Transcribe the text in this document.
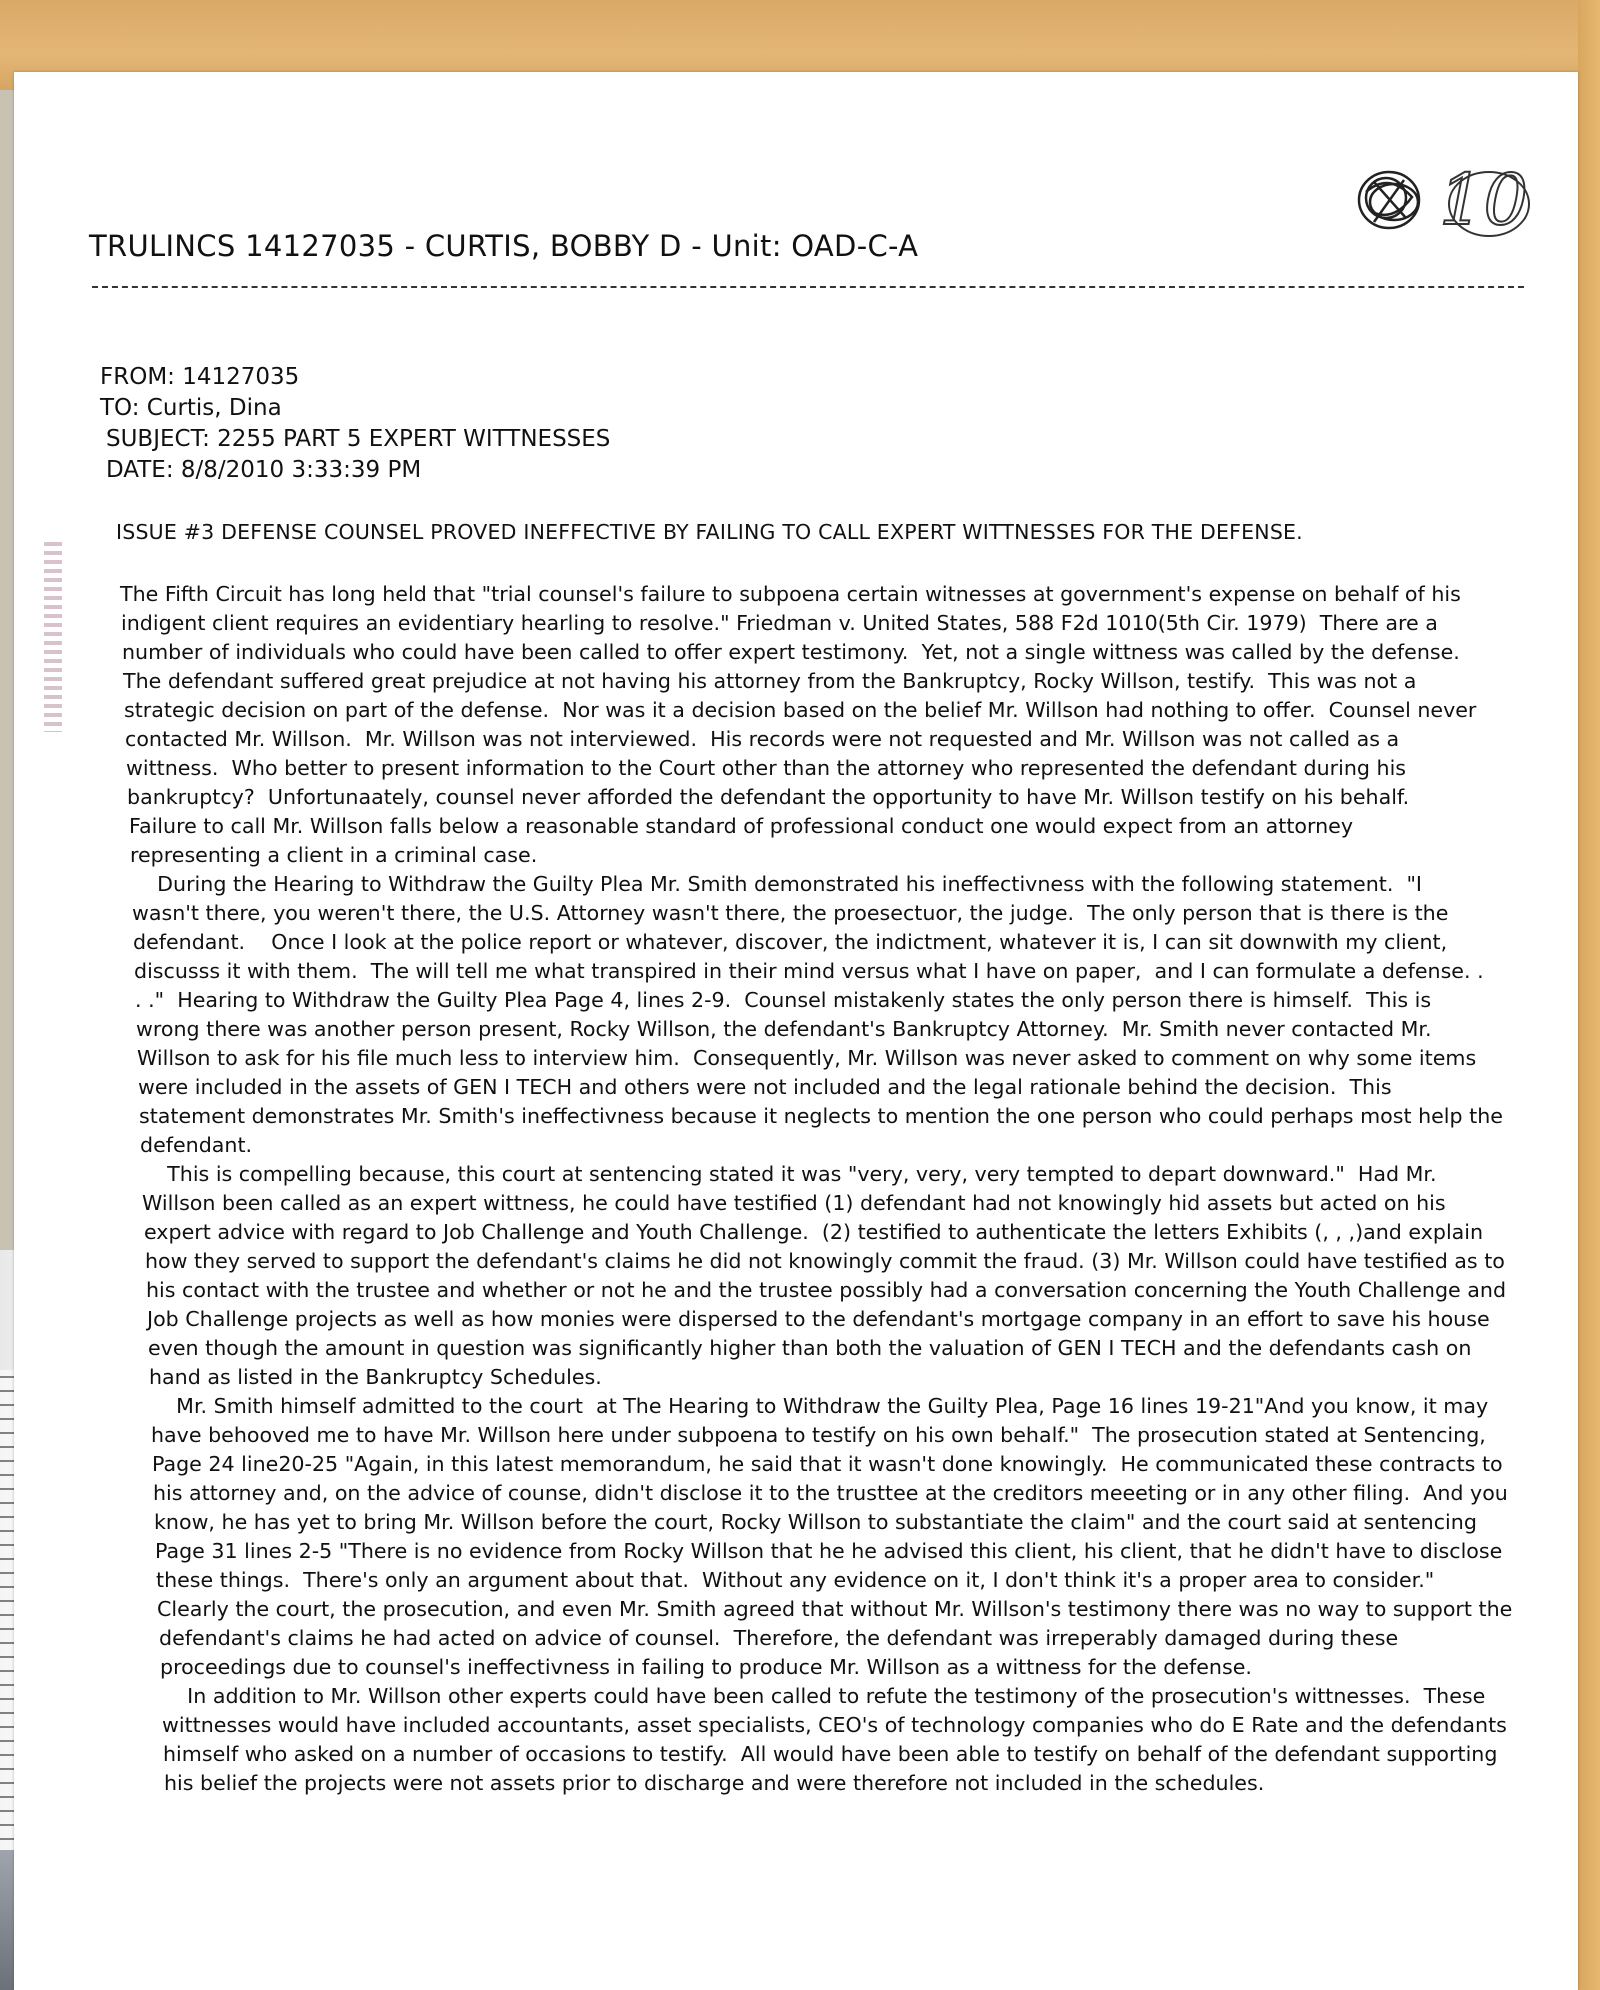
10
TRULINCS 14127035 - CURTIS, BOBBY D - Unit: OAD-C-A
FROM: 14127035
TO: Curtis, Dina
SUBJECT: 2255 PART 5 EXPERT WITTNESSES
DATE: 8/8/2010 3:33:39 PM
ISSUE #3 DEFENSE COUNSEL PROVED INEFFECTIVE BY FAILING TO CALL EXPERT WITTNESSES FOR THE DEFENSE.

The Fifth Circuit has long held that "trial counsel's failure to subpoena certain witnesses at government's expense on behalf of his
indigent client requires an evidentiary hearling to resolve." Friedman v. United States, 588 F2d 1010(5th Cir. 1979)  There are a
number of individuals who could have been called to offer expert testimony.  Yet, not a single wittness was called by the defense.
The defendant suffered great prejudice at not having his attorney from the Bankruptcy, Rocky Willson, testify.  This was not a
strategic decision on part of the defense.  Nor was it a decision based on the belief Mr. Willson had nothing to offer.  Counsel never
contacted Mr. Willson.  Mr. Willson was not interviewed.  His records were not requested and Mr. Willson was not called as a
wittness.  Who better to present information to the Court other than the attorney who represented the defendant during his
bankruptcy?  Unfortunaately, counsel never afforded the defendant the opportunity to have Mr. Willson testify on his behalf.
Failure to call Mr. Willson falls below a reasonable standard of professional conduct one would expect from an attorney
representing a client in a criminal case.

During the Hearing to Withdraw the Guilty Plea Mr. Smith demonstrated his ineffectivness with the following statement.  "I
wasn't there, you weren't there, the U.S. Attorney wasn't there, the proesectuor, the judge.  The only person that is there is the
defendant.    Once I look at the police report or whatever, discover, the indictment, whatever it is, I can sit downwith my client,
discusss it with them.  The will tell me what transpired in their mind versus what I have on paper,  and I can formulate a defense. .
. ."  Hearing to Withdraw the Guilty Plea Page 4, lines 2-9.  Counsel mistakenly states the only person there is himself.  This is
wrong there was another person present, Rocky Willson, the defendant's Bankruptcy Attorney.  Mr. Smith never contacted Mr.
Willson to ask for his file much less to interview him.  Consequently, Mr. Willson was never asked to comment on why some items
were included in the assets of GEN I TECH and others were not included and the legal rationale behind the decision.  This
statement demonstrates Mr. Smith's ineffectivness because it neglects to mention the one person who could perhaps most help the
defendant.

This is compelling because, this court at sentencing stated it was "very, very, very tempted to depart downward."  Had Mr.
Willson been called as an expert wittness, he could have testified (1) defendant had not knowingly hid assets but acted on his
expert advice with regard to Job Challenge and Youth Challenge.  (2) testified to authenticate the letters Exhibits (, , ,)and explain
how they served to support the defendant's claims he did not knowingly commit the fraud. (3) Mr. Willson could have testified as to
his contact with the trustee and whether or not he and the trustee possibly had a conversation concerning the Youth Challenge and
Job Challenge projects as well as how monies were dispersed to the defendant's mortgage company in an effort to save his house
even though the amount in question was significantly higher than both the valuation of GEN I TECH and the defendants cash on
hand as listed in the Bankruptcy Schedules.

Mr. Smith himself admitted to the court  at The Hearing to Withdraw the Guilty Plea, Page 16 lines 19-21"And you know, it may
have behooved me to have Mr. Willson here under subpoena to testify on his own behalf."  The prosecution stated at Sentencing,
Page 24 line20-25 "Again, in this latest memorandum, he said that it wasn't done knowingly.  He communicated these contracts to
his attorney and, on the advice of counse, didn't disclose it to the trusttee at the creditors meeeting or in any other filing.  And you
know, he has yet to bring Mr. Willson before the court, Rocky Willson to substantiate the claim" and the court said at sentencing
Page 31 lines 2-5 "There is no evidence from Rocky Willson that he he advised this client, his client, that he didn't have to disclose
these things.  There's only an argument about that.  Without any evidence on it, I don't think it's a proper area to consider."
Clearly the court, the prosecution, and even Mr. Smith agreed that without Mr. Willson's testimony there was no way to support the
defendant's claims he had acted on advice of counsel.  Therefore, the defendant was irreperably damaged during these
proceedings due to counsel's ineffectivness in failing to produce Mr. Willson as a wittness for the defense.

In addition to Mr. Willson other experts could have been called to refute the testimony of the prosecution's wittnesses.  These
wittnesses would have included accountants, asset specialists, CEO's of technology companies who do E Rate and the defendants
himself who asked on a number of occasions to testify.  All would have been able to testify on behalf of the defendant supporting
his belief the projects were not assets prior to discharge and were therefore not included in the schedules.
